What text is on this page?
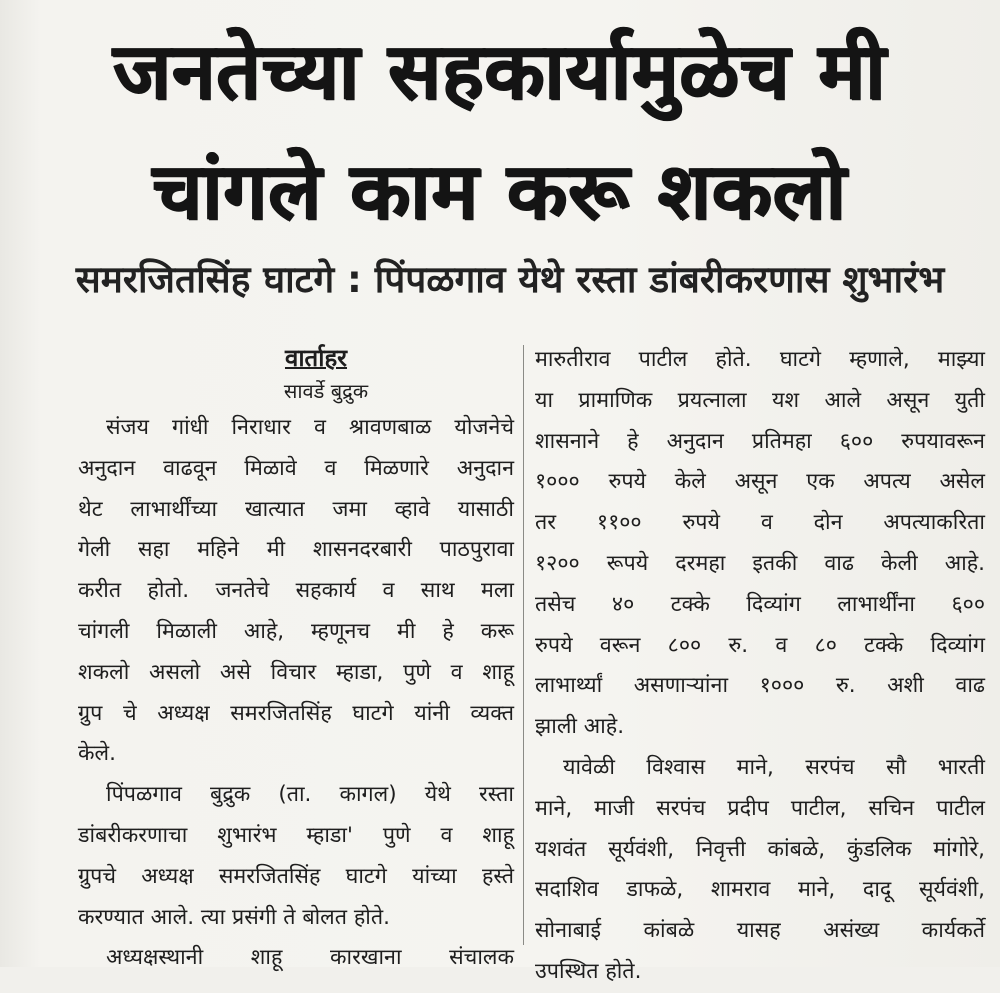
जनतेच्या सहकार्यामुळेच मी
चांगले काम करू शकलो
समरजितसिंह घाटगे : पिंपळगाव येथे रस्ता डांबरीकरणास शुभारंभ

वार्ताहर

सावर्डे बुद्रुक

संजय गांधी निराधार व श्रावणबाळ योजनेचे

अनुदान वाढवून मिळावे व मिळणारे अनुदान

थेट लाभार्थींच्या खात्यात जमा व्हावे यासाठी

गेली सहा महिने मी शासनदरबारी पाठपुरावा

करीत होतो. जनतेचे सहकार्य व साथ मला

चांगली मिळाली आहे, म्हणूनच मी हे करू

शकलो असलो असे विचार म्हाडा, पुणे व शाहू

ग्रुप चे अध्यक्ष समरजितसिंह घाटगे यांनी व्यक्त

केले.

पिंपळगाव बुद्रुक (ता. कागल) येथे रस्ता

डांबरीकरणाचा शुभारंभ म्हाडा' पुणे व शाहू

ग्रुपचे अध्यक्ष समरजितसिंह घाटगे यांच्या हस्ते

करण्यात आले. त्या प्रसंगी ते बोलत होते.

अध्यक्षस्थानी शाहू कारखाना संचालक

मारुतीराव पाटील होते. घाटगे म्हणाले, माझ्या

या प्रामाणिक प्रयत्नाला यश आले असून युती

शासनाने हे अनुदान प्रतिमहा ६०० रुपयावरून

१००० रुपये केले असून एक अपत्य असेल

तर ११०० रुपये व दोन अपत्याकरिता

१२०० रूपये दरमहा इतकी वाढ केली आहे.

तसेच ४० टक्के दिव्यांग लाभार्थींना ६००

रुपये वरून ८०० रु. व ८० टक्के दिव्यांग

लाभार्थ्यां असणाऱ्यांना १००० रु. अशी वाढ

झाली आहे.

यावेळी विश्वास माने, सरपंच सौ भारती

माने, माजी सरपंच प्रदीप पाटील, सचिन पाटील

यशवंत सूर्यवंशी, निवृत्ती कांबळे, कुंडलिक मांगोरे,

सदाशिव डाफळे, शामराव माने, दादू सूर्यवंशी,

सोनाबाई कांबळे यासह असंख्य कार्यकर्ते

उपस्थित होते.
